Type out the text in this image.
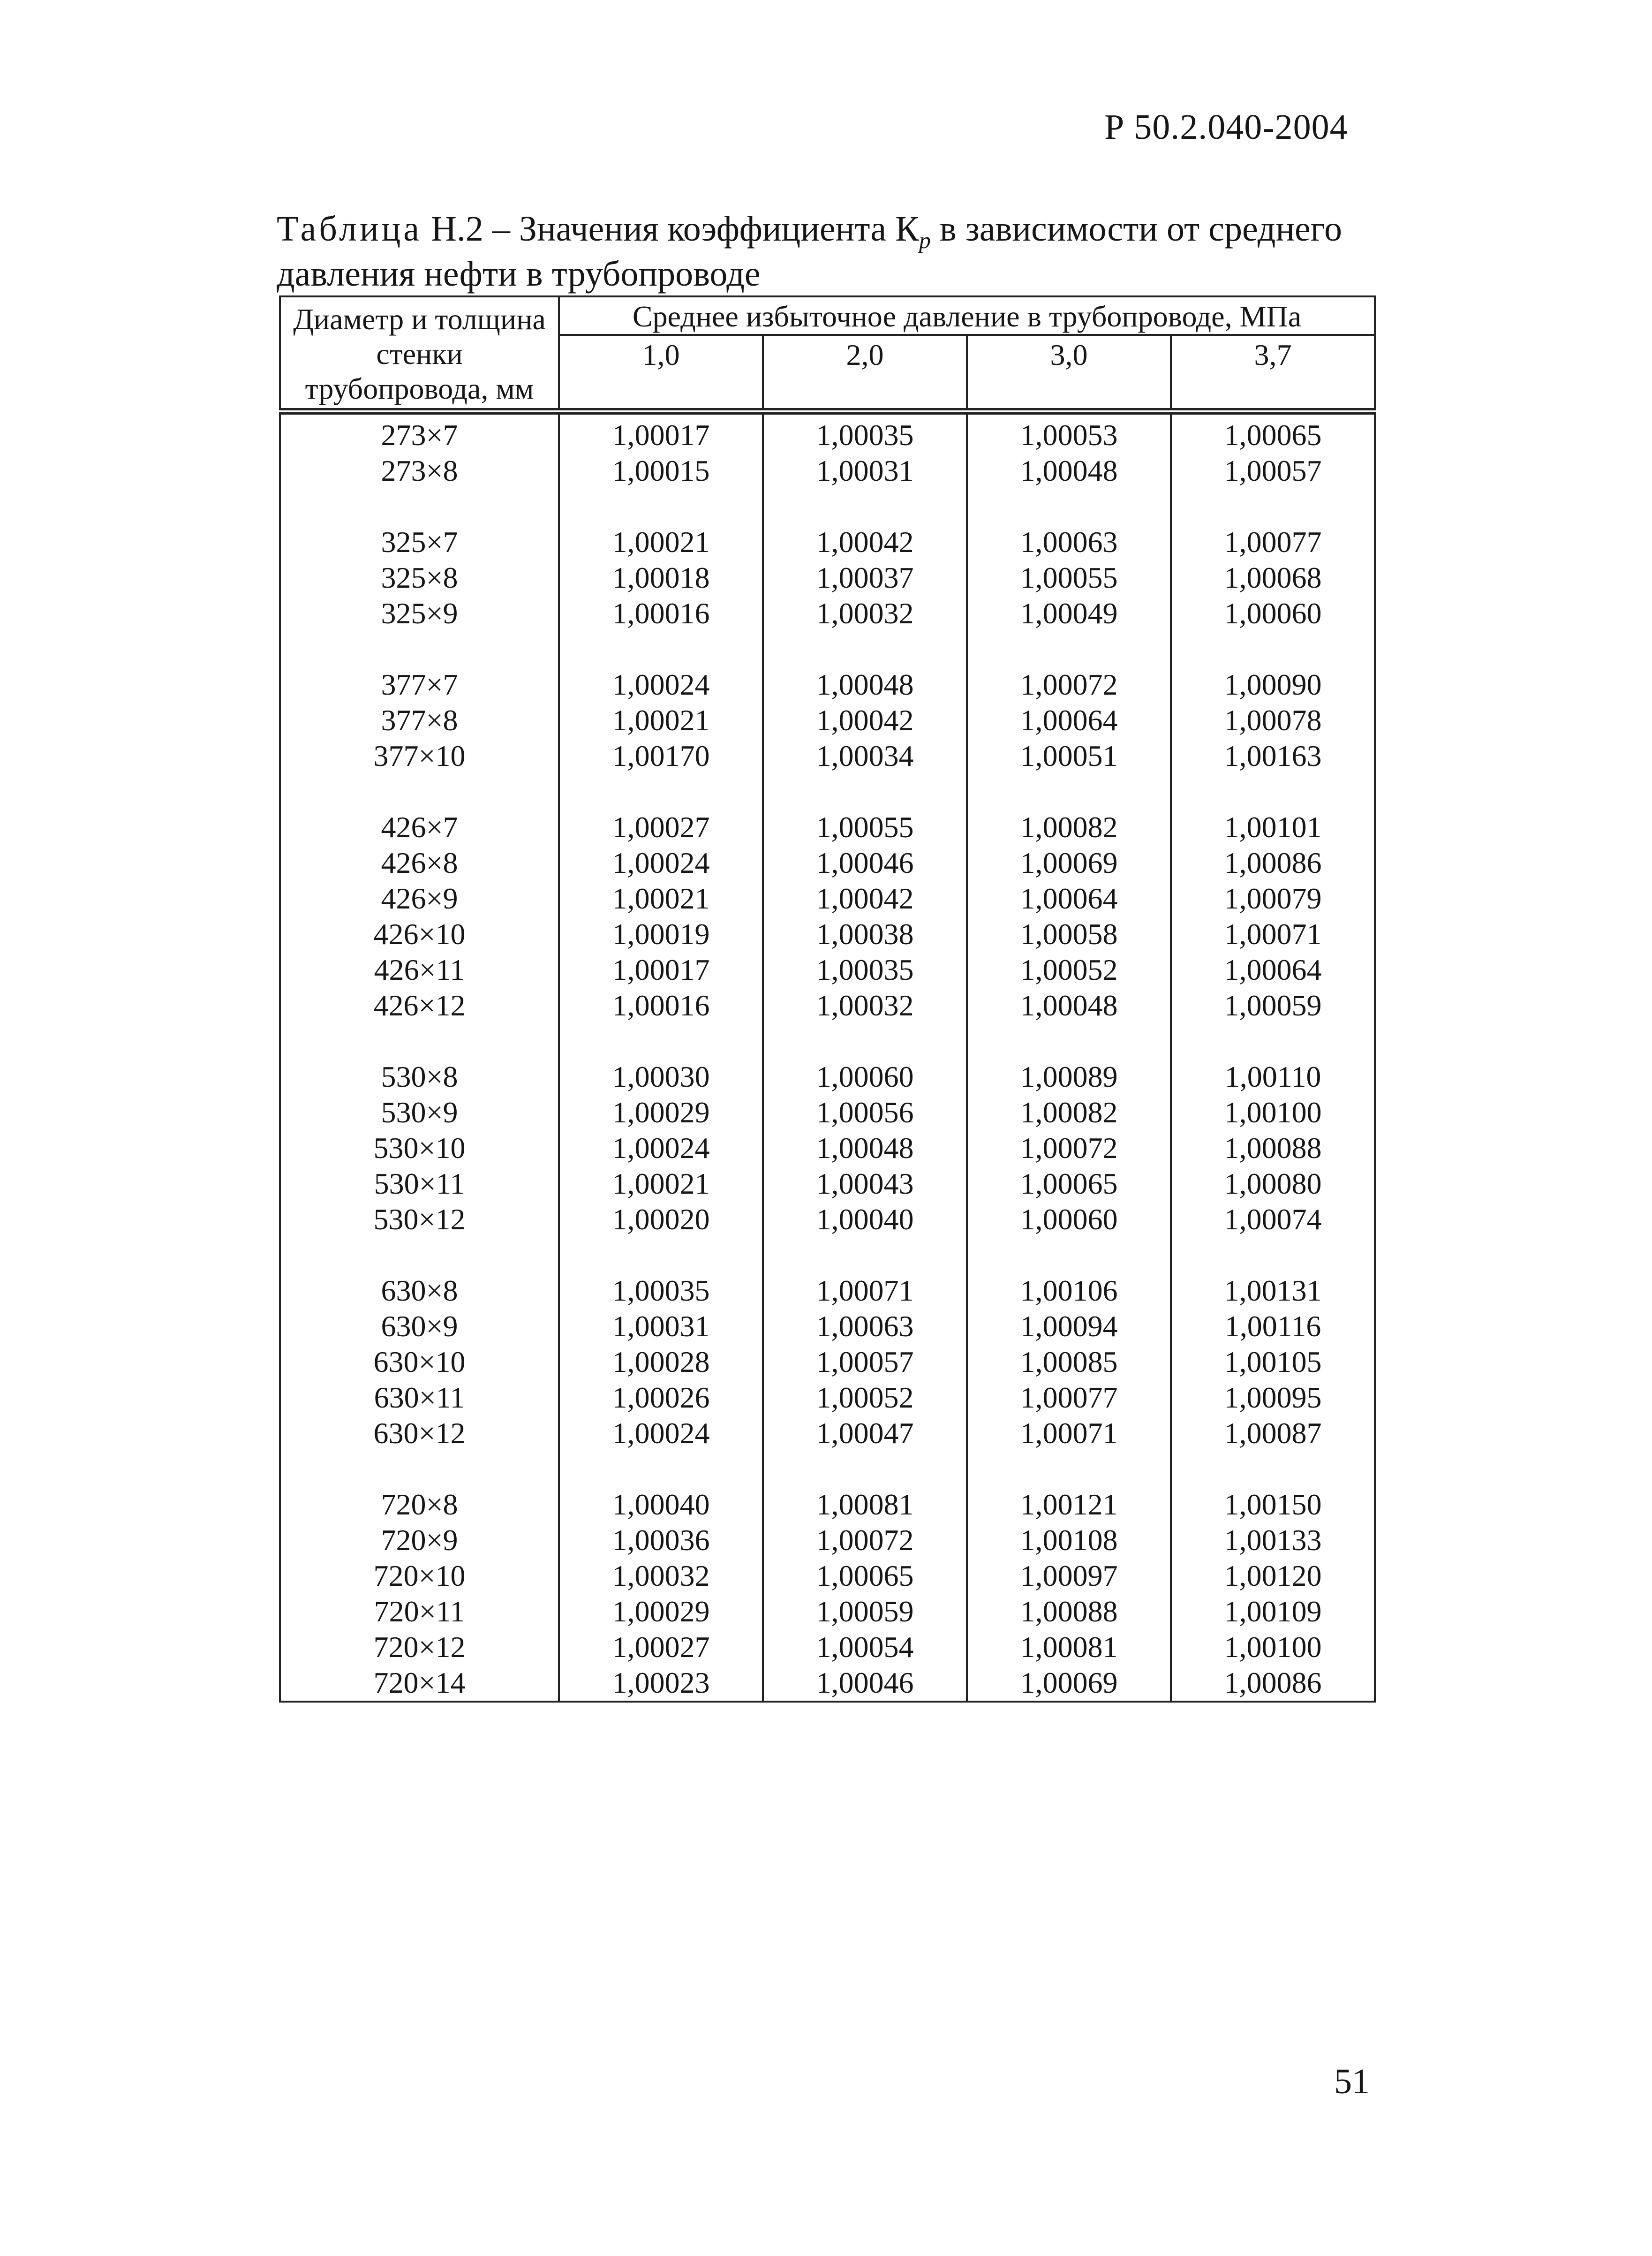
Р 50.2.040-2004
Таблица Н.2 – Значения коэффициента $К_р$ в зависимости от среднего давления нефти в трубопроводе
Диаметр и толщина стенки трубопровода, мм	Среднее избыточное давление в трубопроводе, МПа			
	1,0	2,0	3,0	3,7
273×7	1,00017	1,00035	1,00053	1,00065
273×8	1,00015	1,00031	1,00048	1,00057

325×7	1,00021	1,00042	1,00063	1,00077
325×8	1,00018	1,00037	1,00055	1,00068
325×9	1,00016	1,00032	1,00049	1,00060

377×7	1,00024	1,00048	1,00072	1,00090
377×8	1,00021	1,00042	1,00064	1,00078
377×10	1,00170	1,00034	1,00051	1,00163

426×7	1,00027	1,00055	1,00082	1,00101
426×8	1,00024	1,00046	1,00069	1,00086
426×9	1,00021	1,00042	1,00064	1,00079
426×10	1,00019	1,00038	1,00058	1,00071
426×11	1,00017	1,00035	1,00052	1,00064
426×12	1,00016	1,00032	1,00048	1,00059

530×8	1,00030	1,00060	1,00089	1,00110
530×9	1,00029	1,00056	1,00082	1,00100
530×10	1,00024	1,00048	1,00072	1,00088
530×11	1,00021	1,00043	1,00065	1,00080
530×12	1,00020	1,00040	1,00060	1,00074

630×8	1,00035	1,00071	1,00106	1,00131
630×9	1,00031	1,00063	1,00094	1,00116
630×10	1,00028	1,00057	1,00085	1,00105
630×11	1,00026	1,00052	1,00077	1,00095
630×12	1,00024	1,00047	1,00071	1,00087

720×8	1,00040	1,00081	1,00121	1,00150
720×9	1,00036	1,00072	1,00108	1,00133
720×10	1,00032	1,00065	1,00097	1,00120
720×11	1,00029	1,00059	1,00088	1,00109
720×12	1,00027	1,00054	1,00081	1,00100
720×14	1,00023	1,00046	1,00069	1,00086
51
